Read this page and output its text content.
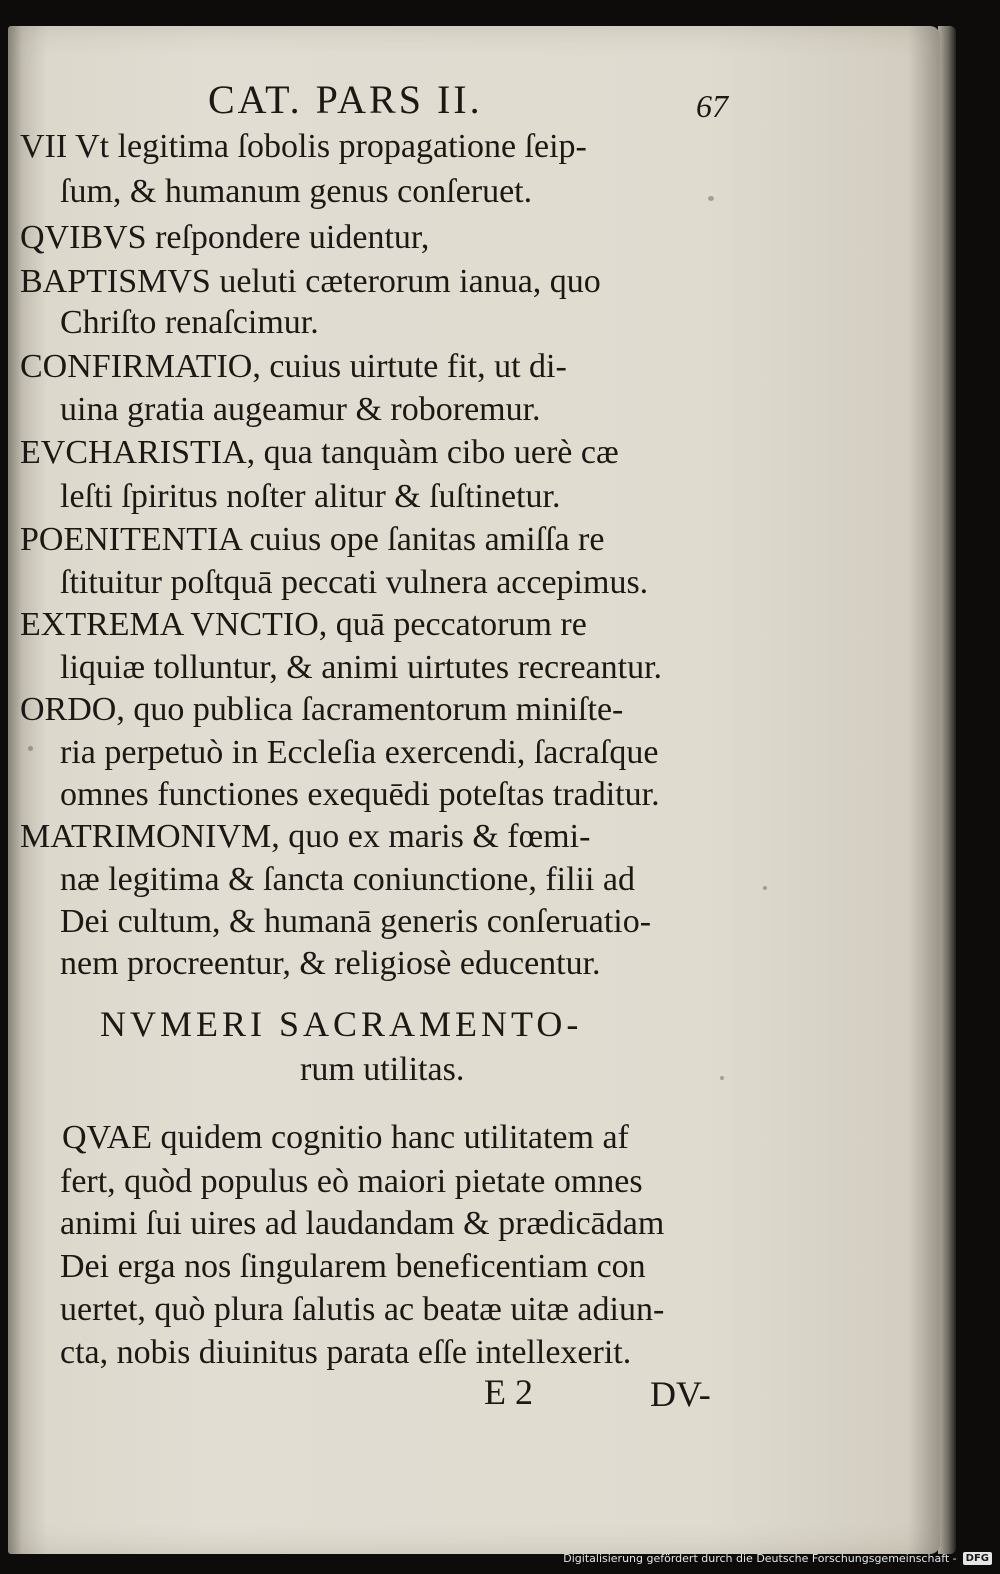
CAT. PARS II.	67
VII Vt legitima ſobolis propagatione ſeip-
ſum, & humanum genus conſeruet.
QVIBVS reſpondere uidentur,
BAPTISMVS ueluti cæterorum ianua, quo
Chriſto renaſcimur.
CONFIRMATIO, cuius uirtute fit, ut di-
uina gratia augeamur & roboremur.
EVCHARISTIA, qua tanquàm cibo uerè cæ
leſti ſpiritus noſter alitur & ſuſtinetur.
POENITENTIA cuius ope ſanitas amiſſa re
ſtituitur poſtquā peccati vulnera accepimus.
EXTREMA VNCTIO, quā peccatorum re
liquiæ tolluntur, & animi uirtutes recreantur.
ORDO, quo publica ſacramentorum miniſte-
ria perpetuò in Eccleſia exercendi, ſacraſque
omnes functiones exequēdi poteſtas traditur.
MATRIMONIVM, quo ex maris & fœmi-
næ legitima & ſancta coniunctione, filii ad
Dei cultum, & humanā generis conſeruatio-
nem procreentur, & religiosè educentur.
NVMERI SACRAMENTO-
rum utilitas.
QVAE quidem cognitio hanc utilitatem af
fert, quòd populus eò maiori pietate omnes
animi ſui uires ad laudandam & prædicādam
Dei erga nos ſingularem beneficentiam con
uertet, quò plura ſalutis ac beatæ uitæ adiun-
cta, nobis diuinitus parata eſſe intellexerit.
E 2	DV-
Digitalisierung gefördert durch die Deutsche Forschungsgemeinschaft - DFG
